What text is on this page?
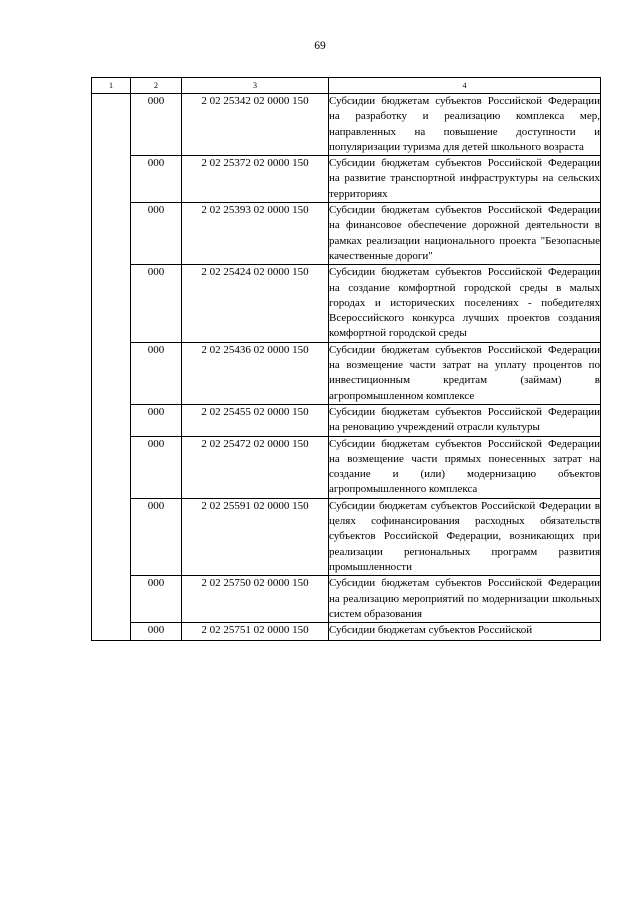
69
1	2	3	4
	000	2 02 25342 02 0000 150	Субсидии бюджетам субъектов Российской Федерации на разработку и реализацию комплекса мер, направленных на повышение доступности и популяризации туризма для детей школьного возраста
	000	2 02 25372 02 0000 150	Субсидии бюджетам субъектов Российской Федерации на развитие транспортной инфраструктуры на сельских территориях
	000	2 02 25393 02 0000 150	Субсидии бюджетам субъектов Российской Федерации на финансовое обеспечение дорожной деятельности в рамках реализации национального проекта "Безопасные качественные дороги"
	000	2 02 25424 02 0000 150	Субсидии бюджетам субъектов Российской Федерации на создание комфортной городской среды в малых городах и исторических поселениях - победителях Всероссийского конкурса лучших проектов создания комфортной городской среды
	000	2 02 25436 02 0000 150	Субсидии бюджетам субъектов Российской Федерации на возмещение части затрат на уплату процентов по инвестиционным кредитам (займам) в агропромышленном комплексе
	000	2 02 25455 02 0000 150	Субсидии бюджетам субъектов Российской Федерации на реновацию учреждений отрасли культуры
	000	2 02 25472 02 0000 150	Субсидии бюджетам субъектов Российской Федерации на возмещение части прямых понесенных затрат на создание и (или) модернизацию объектов агропромышленного комплекса
	000	2 02 25591 02 0000 150	Субсидии бюджетам субъектов Российской Федерации в целях софинансирования расходных обязательств субъектов Российской Федерации, возникающих при реализации региональных программ развития промышленности
	000	2 02 25750 02 0000 150	Субсидии бюджетам субъектов Российской Федерации на реализацию мероприятий по модернизации школьных систем образования
	000	2 02 25751 02 0000 150	Субсидии бюджетам субъектов Российской
